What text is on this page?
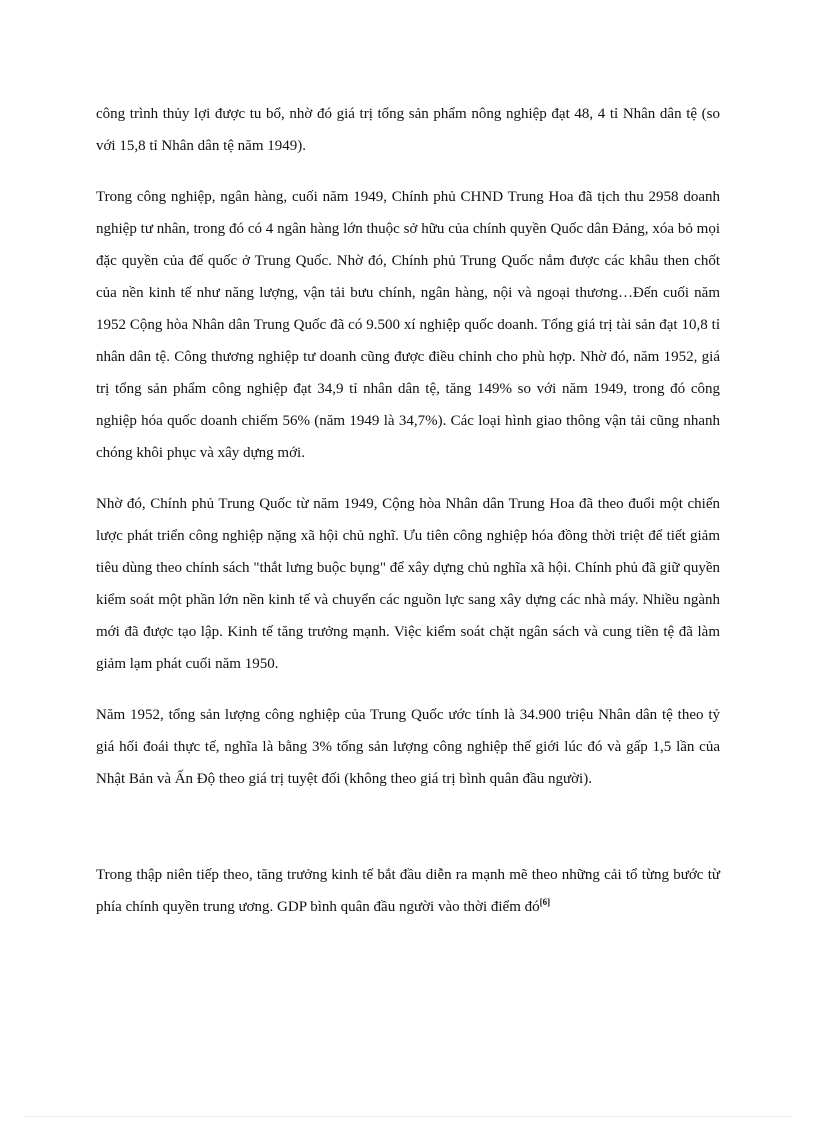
công trình thủy lợi được tu bổ, nhờ đó giá trị tổng sản phẩm nông nghiệp đạt 48, 4 tỉ Nhân dân tệ (so với 15,8 tỉ Nhân dân tệ năm 1949).

Trong công nghiệp, ngân hàng, cuối năm 1949, Chính phủ CHND Trung Hoa đã tịch thu 2958 doanh nghiệp tư nhân, trong đó có 4 ngân hàng lớn thuộc sở hữu của chính quyền Quốc dân Đảng, xóa bỏ mọi đặc quyền của đế quốc ở Trung Quốc. Nhờ đó, Chính phủ Trung Quốc nắm được các khâu then chốt của nền kinh tế như năng lượng, vận tải bưu chính, ngân hàng, nội và ngoại thương…Đến cuối năm 1952 Cộng hòa Nhân dân Trung Quốc đã có 9.500 xí nghiệp quốc doanh. Tổng giá trị tài sản đạt 10,8 tỉ nhân dân tệ. Công thương nghiệp tư doanh cũng được điều chỉnh cho phù hợp. Nhờ đó, năm 1952, giá trị tổng sản phẩm công nghiệp đạt 34,9 tỉ nhân dân tệ, tăng 149% so với năm 1949, trong đó công nghiệp hóa quốc doanh chiếm 56% (năm 1949 là 34,7%). Các loại hình giao thông vận tải cũng nhanh chóng khôi phục và xây dựng mới.

Nhờ đó, Chính phủ Trung Quốc từ năm 1949, Cộng hòa Nhân dân Trung Hoa đã theo đuổi một chiến lược phát triển công nghiệp nặng xã hội chủ nghĩ. Ưu tiên công nghiệp hóa đồng thời triệt để tiết giảm tiêu dùng theo chính sách "thắt lưng buộc bụng" để xây dựng chủ nghĩa xã hội. Chính phủ đã giữ quyền kiểm soát một phần lớn nền kinh tế và chuyển các nguồn lực sang xây dựng các nhà máy. Nhiều ngành mới đã được tạo lập. Kinh tế tăng trưởng mạnh. Việc kiểm soát chặt ngân sách và cung tiền tệ đã làm giảm lạm phát cuối năm 1950.

Năm 1952, tổng sản lượng công nghiệp của Trung Quốc ước tính là 34.900 triệu Nhân dân tệ theo tỷ giá hối đoái thực tế, nghĩa là bằng 3% tổng sản lượng công nghiệp thế giới lúc đó và gấp 1,5 lần của Nhật Bản và Ấn Độ theo giá trị tuyệt đối (không theo giá trị bình quân đầu người).

Trong thập niên tiếp theo, tăng trưởng kinh tế bắt đầu diễn ra mạnh mẽ theo những cải tổ từng bước từ phía chính quyền trung ương. GDP bình quân đầu người vào thời điểm đó[6]
